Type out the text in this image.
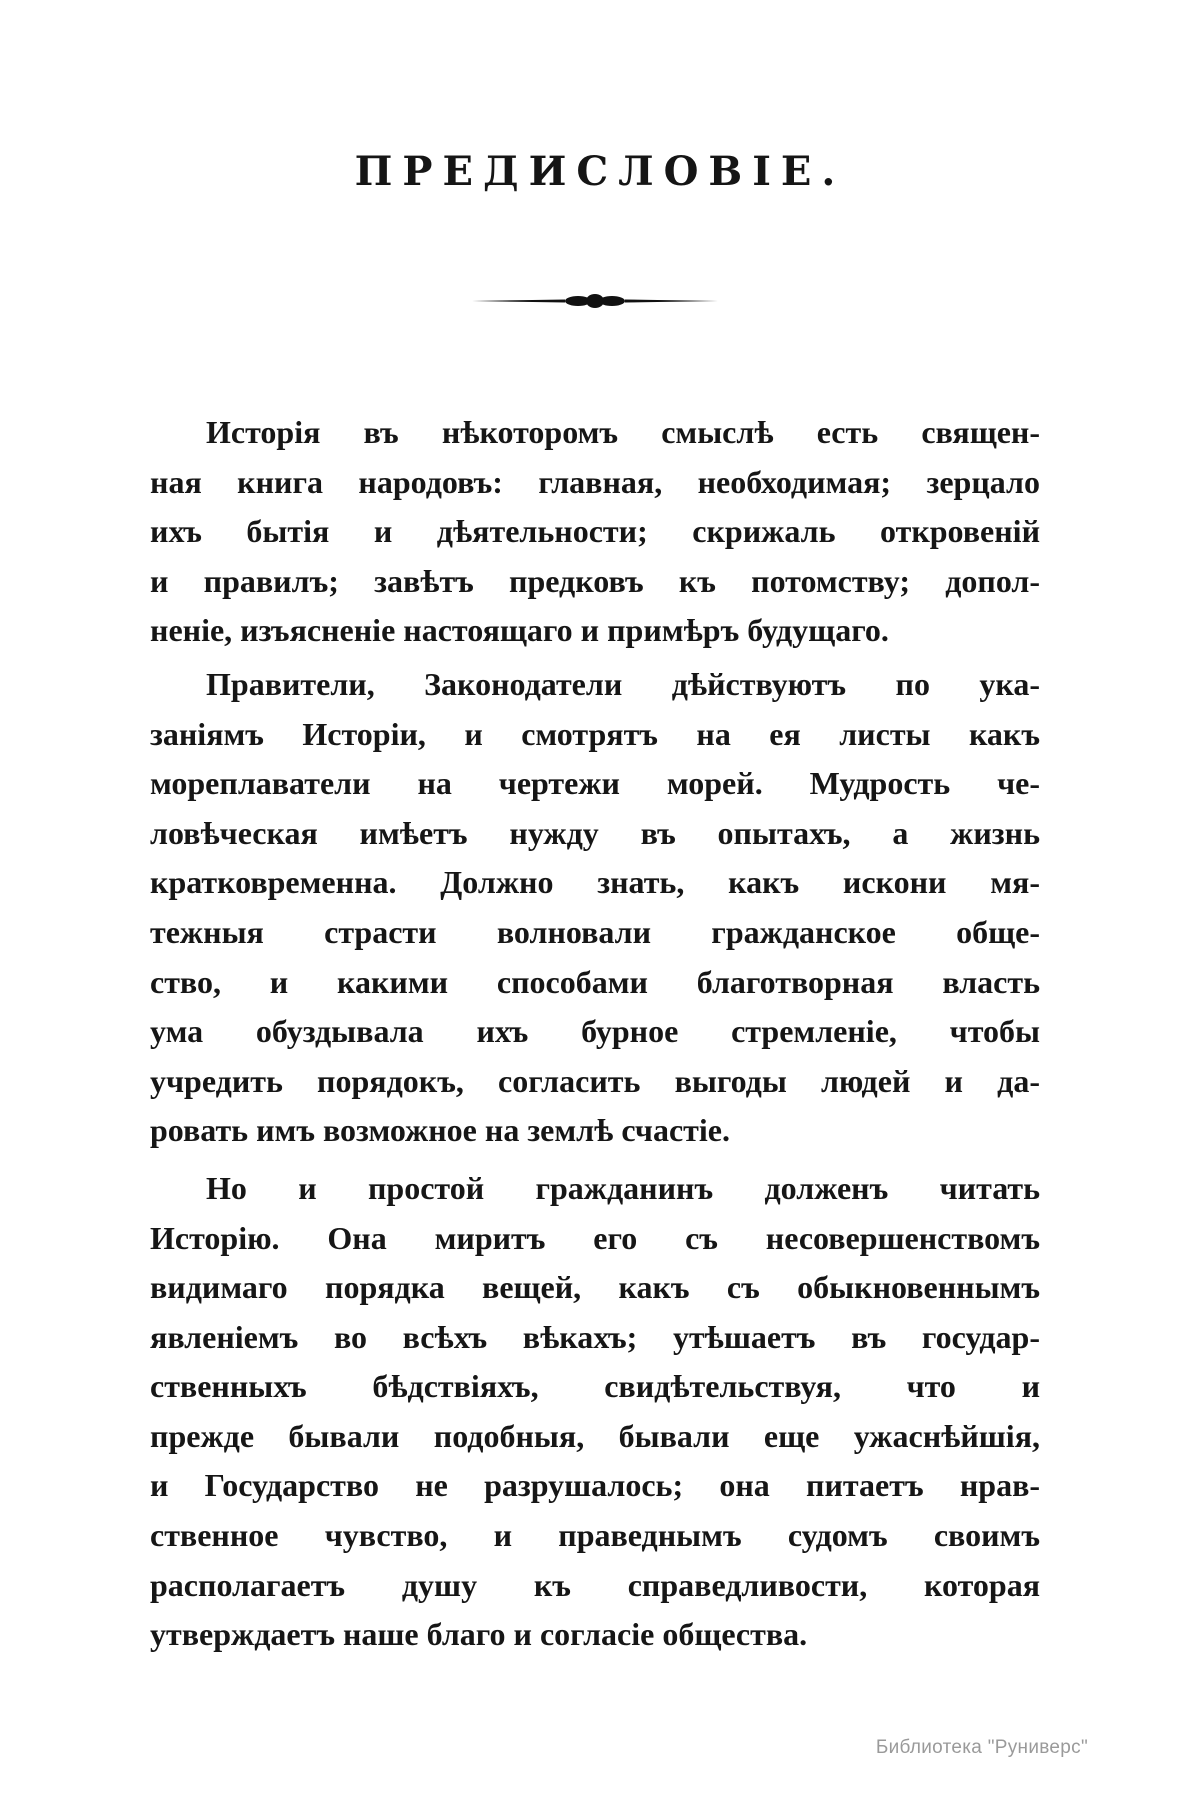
ПРЕДИСЛОВІЕ.
Исторія въ нѣкоторомъ смыслѣ есть священ-
ная книга народовъ: главная, необходимая; зерцало
ихъ бытія и дѣятельности; скрижаль откровеній
и правилъ; завѣтъ предковъ къ потомству; допол-
неніе, изъясненіе настоящаго и примѣръ будущаго.
Правители, Законодатели дѣйствуютъ по ука-
заніямъ Исторіи, и смотрятъ на ея листы какъ
мореплаватели на чертежи морей. Мудрость че-
ловѣческая имѣетъ нужду въ опытахъ, а жизнь
кратковременна. Должно знать, какъ искони мя-
тежныя страсти волновали гражданское обще-
ство, и какими способами благотворная власть
ума обуздывала ихъ бурное стремленіе, чтобы
учредить порядокъ, согласить выгоды людей и да-
ровать имъ возможное на землѣ счастіе.
Но и простой гражданинъ долженъ читать
Исторію. Она миритъ его съ несовершенствомъ
видимаго порядка вещей, какъ съ обыкновеннымъ
явленіемъ во всѣхъ вѣкахъ; утѣшаетъ въ государ-
ственныхъ бѣдствіяхъ, свидѣтельствуя, что и
прежде бывали подобныя, бывали еще ужаснѣйшія,
и Государство не разрушалось; она питаетъ нрав-
ственное чувство, и праведнымъ судомъ своимъ
располагаетъ душу къ справедливости, которая
утверждаетъ наше благо и согласіе общества.
Библиотека "Руниверс"
